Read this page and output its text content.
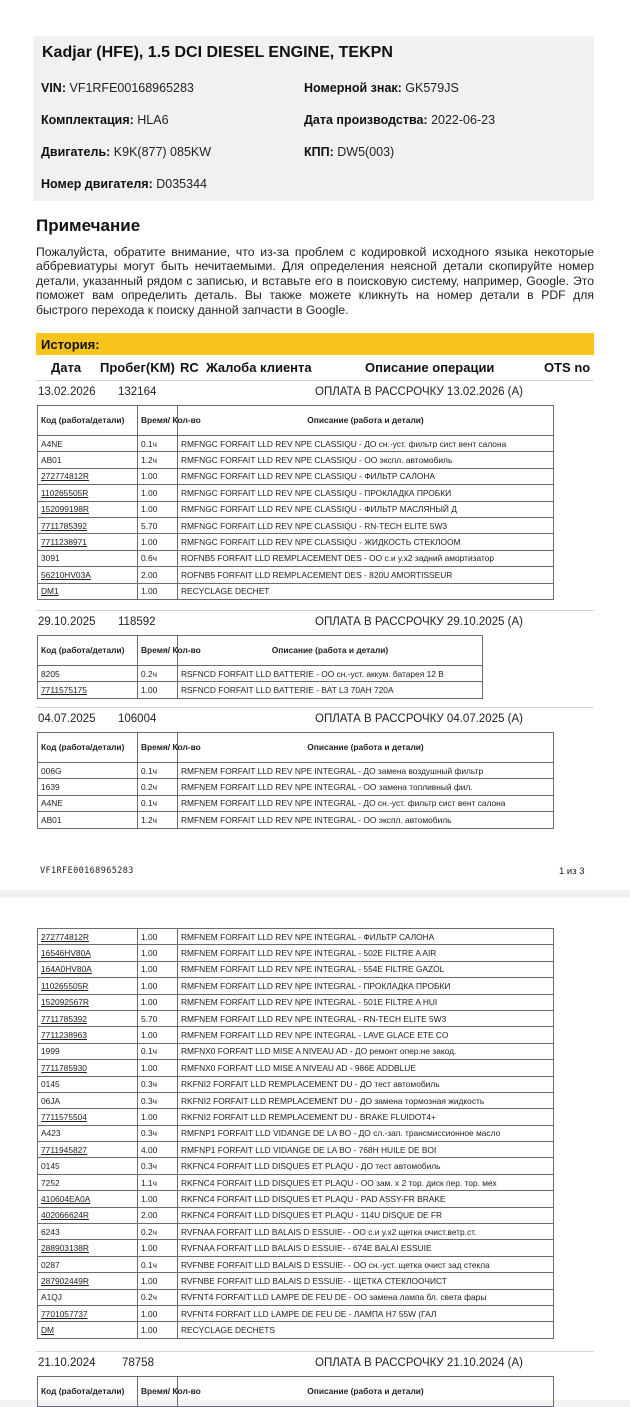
Kadjar (HFE), 1.5 DCI DIESEL ENGINE, TEKPN
VIN: VF1RFE00168965283	Номерной знак: GK579JS
Комплектация: HLA6	Дата производства: 2022-06-23
Двигатель: K9K(877) 085KW	КПП: DW5(003)
Номер двигателя: D035344
Примечание
Пожалуйста, обратите внимание, что из-за проблем с кодировкой исходного языка некоторые аббревиатуры могут быть нечитаемыми. Для определения неясной детали скопируйте номер детали, указанный рядом с записью, и вставьте его в поисковую систему, например, Google. Это поможет вам определить деталь. Вы также можете кликнуть на номер детали в PDF для быстрого перехода к поиску данной запчасти в Google.
История:
Дата Пробег(KM) RC Жалоба клиента	Описание операции	OTS no
13.02.2026 132164	ОПЛАТА В РАССРОЧКУ 13.02.2026 (A)
Код (работа/детали)	Время/ Кол-во	Описание (работа и детали)
A4NE	0.1ч	RMFNGC FORFAIT LLD REV NPE CLASSIQU - ДО сн.-уст. фильтр сист вент салона
AB01	1.2ч	RMFNGC FORFAIT LLD REV NPE CLASSIQU - ОО экспл. автомобиль
272774812R	1.00	RMFNGC FORFAIT LLD REV NPE CLASSIQU - ФИЛЬТР САЛОНА
110265505R	1.00	RMFNGC FORFAIT LLD REV NPE CLASSIQU - ПРОКЛАДКА ПРОБКИ
152099198R	1.00	RMFNGC FORFAIT LLD REV NPE CLASSIQU - ФИЛЬТР МАСЛЯНЫЙ Д
7711785392	5.70	RMFNGC FORFAIT LLD REV NPE CLASSIQU - RN-TECH ELITE 5W3
7711238971	1.00	RMFNGC FORFAIT LLD REV NPE CLASSIQU - ЖИДКОСТЬ СТЕКЛООМ
3091	0.6ч	ROFNB5 FORFAIT LLD REMPLACEMENT DES - ОО с.и у.х2 задний амортизатор
56210HV03A	2.00	ROFNB5 FORFAIT LLD REMPLACEMENT DES - 820U AMORTISSEUR
DM1	1.00	RECYCLAGE DECHET
29.10.2025 118592	ОПЛАТА В РАССРОЧКУ 29.10.2025 (A)
Код (работа/детали)	Время/ Кол-во	Описание (работа и детали)
8205	0.2ч	RSFNCD FORFAIT LLD BATTERIE - ОО сн.-уст. аккум. батарея 12 В
7711575175	1.00	RSFNCD FORFAIT LLD BATTERIE - BAT L3 70AH 720A
04.07.2025 106004	ОПЛАТА В РАССРОЧКУ 04.07.2025 (A)
Код (работа/детали)	Время/ Кол-во	Описание (работа и детали)
006G	0.1ч	RMFNEM FORFAIT LLD REV NPE INTEGRAL - ДО замена воздушный фильтр
1639	0.2ч	RMFNEM FORFAIT LLD REV NPE INTEGRAL - ОО замена топливный фил.
A4NE	0.1ч	RMFNEM FORFAIT LLD REV NPE INTEGRAL - ДО сн.-уст. фильтр сист вент салона
AB01	1.2ч	RMFNEM FORFAIT LLD REV NPE INTEGRAL - ОО экспл. автомобиль
VF1RFE00168965283	1 из 3
272774812R	1.00	RMFNEM FORFAIT LLD REV NPE INTEGRAL - ФИЛЬТР САЛОНА
16546HV80A	1.00	RMFNEM FORFAIT LLD REV NPE INTEGRAL - 502E FILTRE A AIR
164A0HV80A	1.00	RMFNEM FORFAIT LLD REV NPE INTEGRAL - 554E FILTRE GAZOL
110265505R	1.00	RMFNEM FORFAIT LLD REV NPE INTEGRAL - ПРОКЛАДКА ПРОБКИ
152092567R	1.00	RMFNEM FORFAIT LLD REV NPE INTEGRAL - 501E FILTRE A HUI
7711785392	5.70	RMFNEM FORFAIT LLD REV NPE INTEGRAL - RN-TECH ELITE 5W3
7711238963	1.00	RMFNEM FORFAIT LLD REV NPE INTEGRAL - LAVE GLACE ETE CO
1999	0.1ч	RMFNX0 FORFAIT LLD MISE A NIVEAU AD - ДО ремонт опер.не закод.
7711785930	1.00	RMFNX0 FORFAIT LLD MISE A NIVEAU AD - 986E ADDBLUE
0145	0.3ч	RKFNI2 FORFAIT LLD REMPLACEMENT DU - ДО тест автомобиль
06JA	0.3ч	RKFNI2 FORFAIT LLD REMPLACEMENT DU - ДО замена тормозная жидкость
7711575504	1.00	RKFNI2 FORFAIT LLD REMPLACEMENT DU - BRAKE FLUIDOT4+
A423	0.3ч	RMFNP1 FORFAIT LLD VIDANGE DE LA BO - ДО сл.-зап. трансмиссионное масло
7711945827	4.00	RMFNP1 FORFAIT LLD VIDANGE DE LA BO - 768H HUILE DE BOI
0145	0.3ч	RKFNC4 FORFAIT LLD DISQUES ET PLAQU - ДО тест автомобиль
7252	1.1ч	RKFNC4 FORFAIT LLD DISQUES ET PLAQU - ОО зам. х 2 тор. диск пер. тор. мех
410604EA0A	1.00	RKFNC4 FORFAIT LLD DISQUES ET PLAQU - PAD ASSY-FR BRAKE
402066624R	2.00	RKFNC4 FORFAIT LLD DISQUES ET PLAQU - 114U DISQUE DE FR
6243	0.2ч	RVFNAA FORFAIT LLD BALAIS D ESSUIE- - ОО с.и у.х2 щетка очист.ветр.ст.
288903138R	1.00	RVFNAA FORFAIT LLD BALAIS D ESSUIE- - 674E BALAI ESSUIE
0287	0.1ч	RVFNBE FORFAIT LLD BALAIS D ESSUIE- - ОО сн.-уст. щетка очист зад стекла
287902449R	1.00	RVFNBE FORFAIT LLD BALAIS D ESSUIE- - ЩЕТКА СТЕКЛООЧИСТ
A1QJ	0.2ч	RVFNT4 FORFAIT LLD LAMPE DE FEU DE - ОО замена лампа бл. света фары
7701057737	1.00	RVFNT4 FORFAIT LLD LAMPE DE FEU DE - ЛАМПА H7 55W (ГАЛ
DM	1.00	RECYCLAGE DECHETS
21.10.2024 78758	ОПЛАТА В РАССРОЧКУ 21.10.2024 (A)
Код (работа/детали)	Время/ Кол-во	Описание (работа и детали)
